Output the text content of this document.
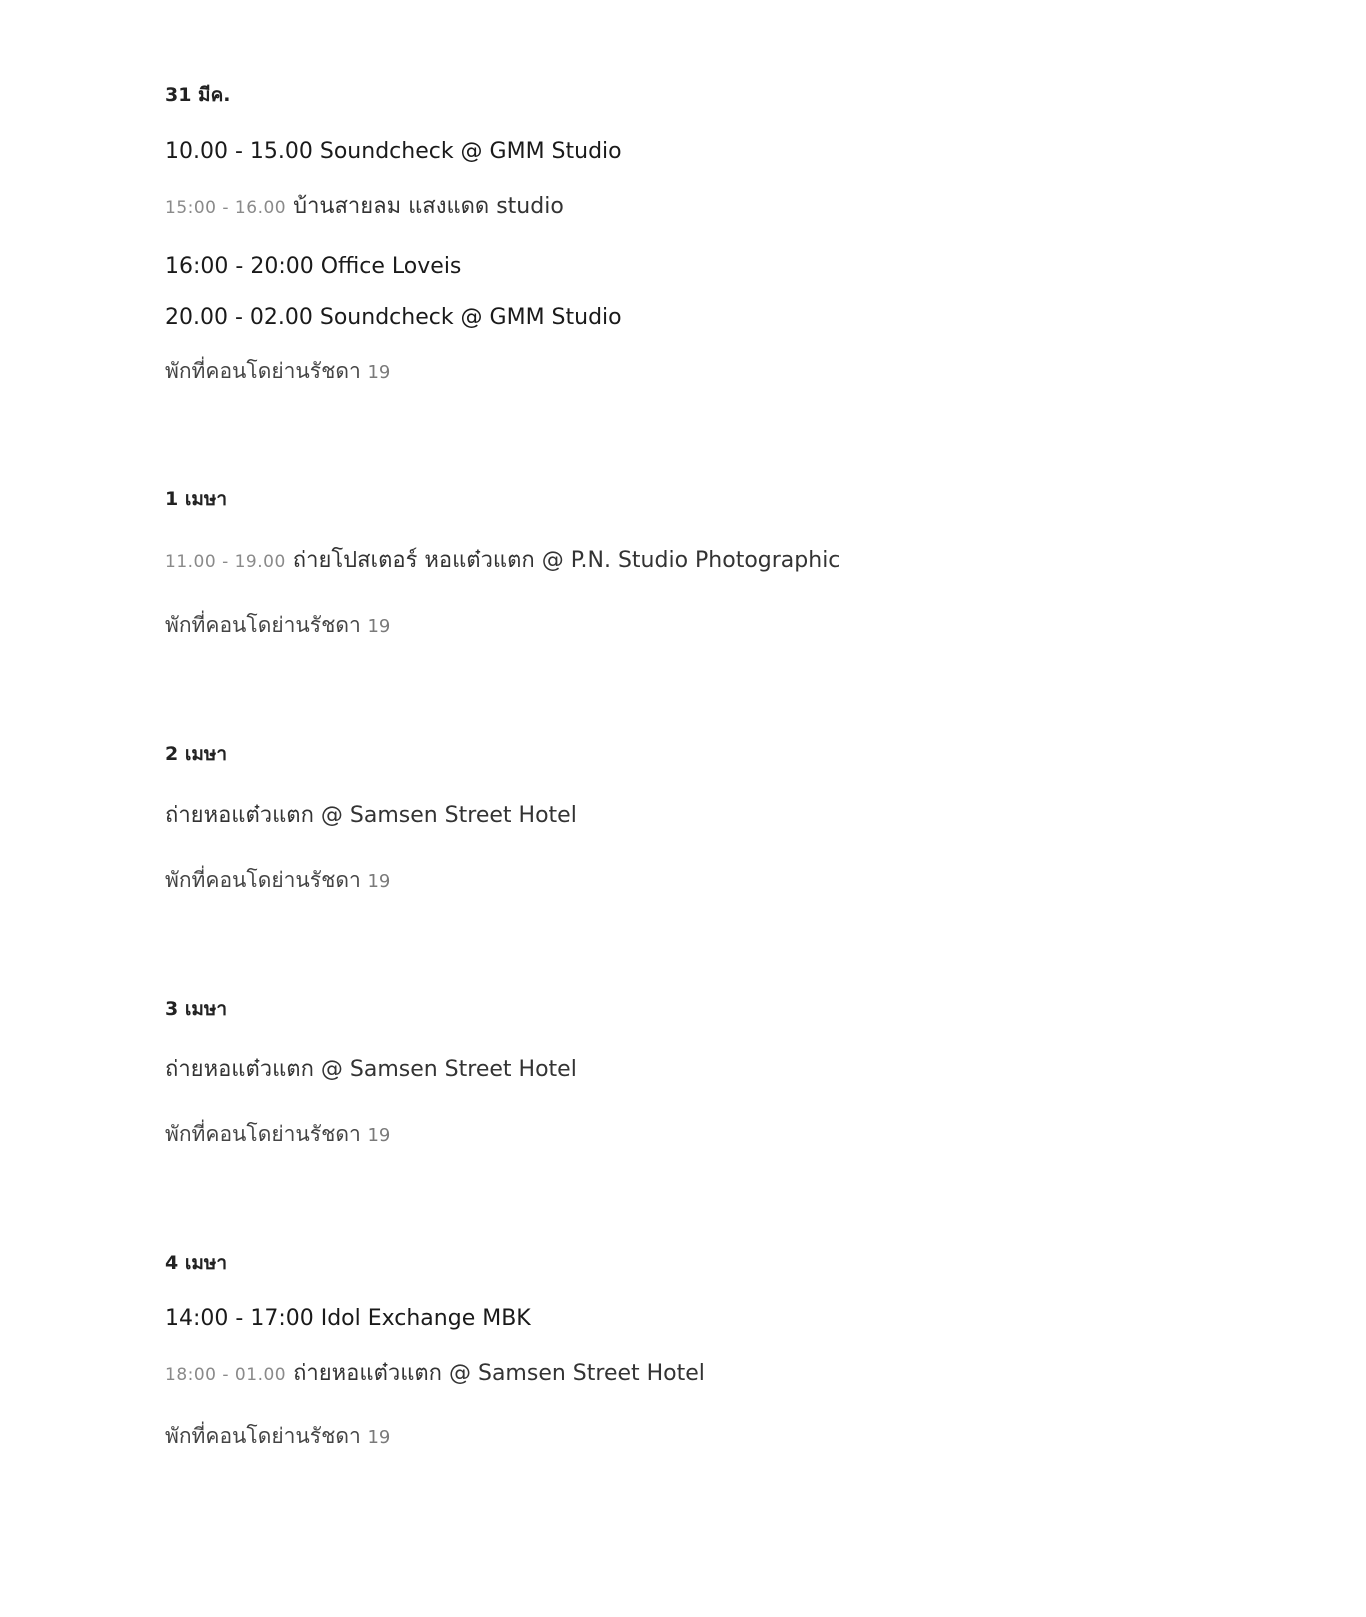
31 มีค.
10.00 - 15.00 Soundcheck @ GMM Studio
15:00 - 16.00 บ้านสายลม แสงแดด studio
16:00 - 20:00 Office Loveis
20.00 - 02.00 Soundcheck @ GMM Studio
พักที่คอนโดย่านรัชดา 19
1 เมษา
11.00 - 19.00 ถ่ายโปสเตอร์ หอแต๋วแตก @ P.N. Studio Photographic
พักที่คอนโดย่านรัชดา 19
2 เมษา
ถ่ายหอแต๋วแตก @ Samsen Street Hotel
พักที่คอนโดย่านรัชดา 19
3 เมษา
ถ่ายหอแต๋วแตก @ Samsen Street Hotel
พักที่คอนโดย่านรัชดา 19
4 เมษา
14:00 - 17:00 Idol Exchange MBK
18:00 - 01.00 ถ่ายหอแต๋วแตก @ Samsen Street Hotel
พักที่คอนโดย่านรัชดา 19
